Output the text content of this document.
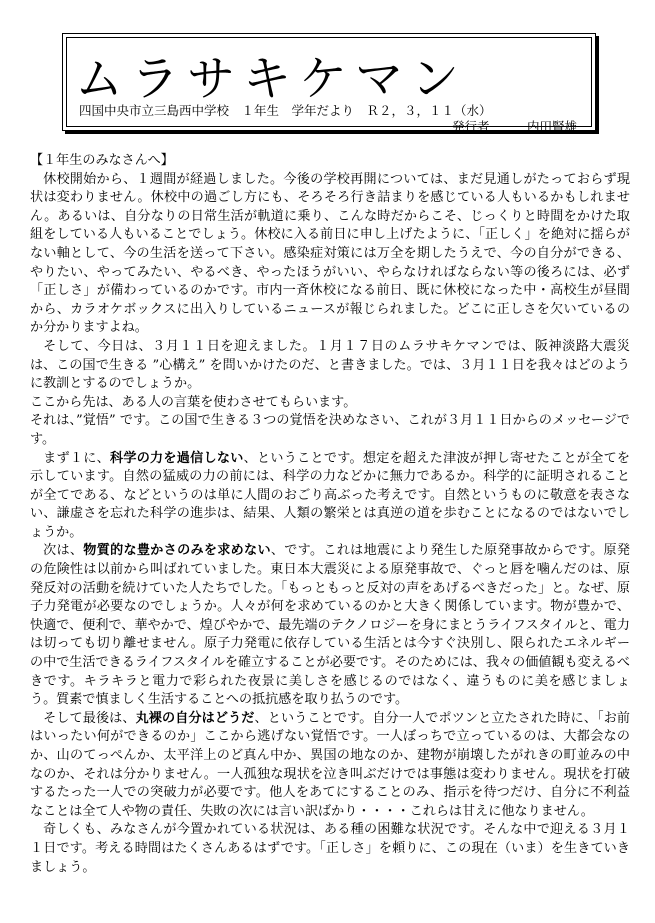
ムラサキケマン
四国中央市立三島西中学校　１年生　学年だより　Ｒ２，３，１１（水）
発行者　－　内田賢雄
【１年生のみなさんへ】

休校開始から、１週間が経過しました。今後の学校再開については、まだ見通しがたっておらず現状は変わりません。休校中の過ごし方にも、そろそろ行き詰まりを感じている人もいるかもしれません。あるいは、自分なりの日常生活が軌道に乗り、こんな時だからこそ、じっくりと時間をかけた取組をしている人もいることでしょう。休校に入る前日に申し上げたように、「正しく」を絶対に揺らがない軸として、今の生活を送って下さい。感染症対策には万全を期したうえで、今の自分ができる、やりたい、やってみたい、やるべき、やったほうがいい、やらなければならない等の後ろには、必ず「正しさ」が備わっているのかです。市内一斉休校になる前日、既に休校になった中・高校生が昼間から、カラオケボックスに出入りしているニュースが報じられました。どこに正しさを欠いているのか分かりますよね。

そして、今日は、３月１１日を迎えました。１月１７日のムラサキケマンでは、阪神淡路大震災は、この国で生きる ”心構え” を問いかけたのだ、と書きました。では、３月１１日を我々はどのように教訓とするのでしょうか。

ここから先は、ある人の言葉を使わさせてもらいます。

それは、”覚悟” です。この国で生きる３つの覚悟を決めなさい、これが３月１１日からのメッセージです。

まず１に、科学の力を過信しない、ということです。想定を超えた津波が押し寄せたことが全てを示しています。自然の猛威の力の前には、科学の力などかに無力であるか。科学的に証明されることが全てである、などというのは単に人間のおごり高ぶった考えです。自然というものに敬意を表さない、謙虚さを忘れた科学の進歩は、結果、人類の繁栄とは真逆の道を歩むことになるのではないでしょうか。

次は、物質的な豊かさのみを求めない、です。これは地震により発生した原発事故からです。原発の危険性は以前から叫ばれていました。東日本大震災による原発事故で、ぐっと唇を噛んだのは、原発反対の活動を続けていた人たちでした。「もっともっと反対の声をあげるべきだった」と。なぜ、原子力発電が必要なのでしょうか。人々が何を求めているのかと大きく関係しています。物が豊かで、快適で、便利で、華やかで、煌びやかで、最先端のテクノロジーを身にまとうライフスタイルと、電力は切っても切り離せません。原子力発電に依存している生活とは今すぐ決別し、限られたエネルギーの中で生活できるライフスタイルを確立することが必要です。そのためには、我々の価値観も変えるべきです。キラキラと電力で彩られた夜景に美しさを感じるのではなく、違うものに美を感じましょう。質素で慎ましく生活することへの抵抗感を取り払うのです。

そして最後は、丸裸の自分はどうだ、ということです。自分一人でポツンと立たされた時に、「お前はいったい何ができるのか」ここから逃げない覚悟です。一人ぼっちで立っているのは、大都会なのか、山のてっぺんか、太平洋上のど真ん中か、異国の地なのか、建物が崩壊したがれきの町並みの中なのか、それは分かりません。一人孤独な現状を泣き叫ぶだけでは事態は変わりません。現状を打破するたった一人での突破力が必要です。他人をあてにすることのみ、指示を待つだけ、自分に不利益なことは全て人や物の責任、失敗の次には言い訳ばかり・・・・これらは甘えに他なりません。

奇しくも、みなさんが今置かれている状況は、ある種の困難な状況です。そんな中で迎える３月１１日です。考える時間はたくさんあるはずです。「正しさ」を頼りに、この現在（いま）を生きていきましょう。
